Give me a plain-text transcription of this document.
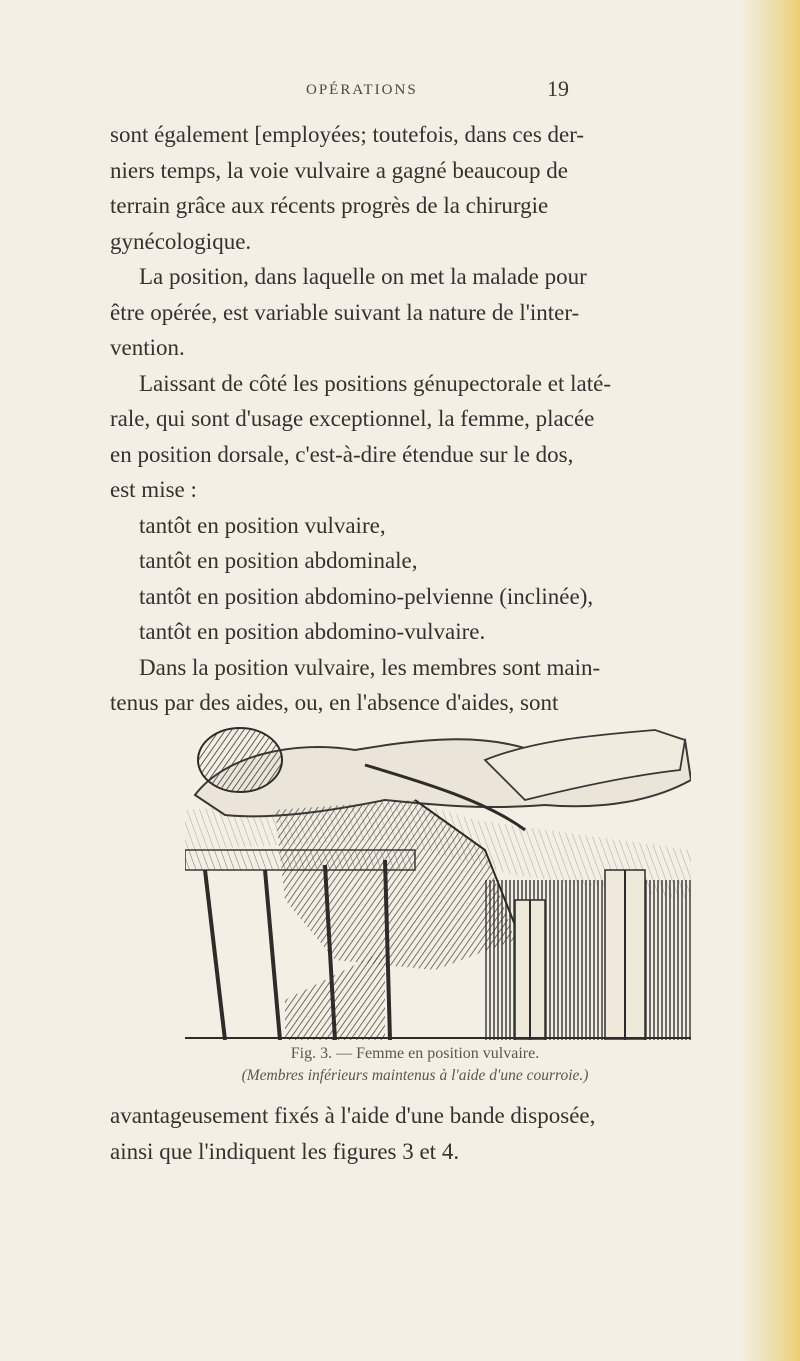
OPÉRATIONS	19
sont également [employées; toutefois, dans ces der-
niers temps, la voie vulvaire a gagné beaucoup de
terrain grâce aux récents progrès de la chirurgie
gynécologique.
La position, dans laquelle on met la malade pour
être opérée, est variable suivant la nature de l'inter-
vention.
Laissant de côté les positions génupectorale et laté-
rale, qui sont d'usage exceptionnel, la femme, placée
en position dorsale, c'est-à-dire étendue sur le dos,
est mise :
tantôt en position vulvaire,
tantôt en position abdominale,
tantôt en position abdomino-pelvienne (inclinée),
tantôt en position abdomino-vulvaire.
Dans la position vulvaire, les membres sont main-
tenus par des aides, ou, en l'absence d'aides, sont
Fig. 3. — Femme en position vulvaire.
(Membres inférieurs maintenus à l'aide d'une courroie.)
avantageusement fixés à l'aide d'une bande disposée,
ainsi que l'indiquent les figures 3 et 4.
